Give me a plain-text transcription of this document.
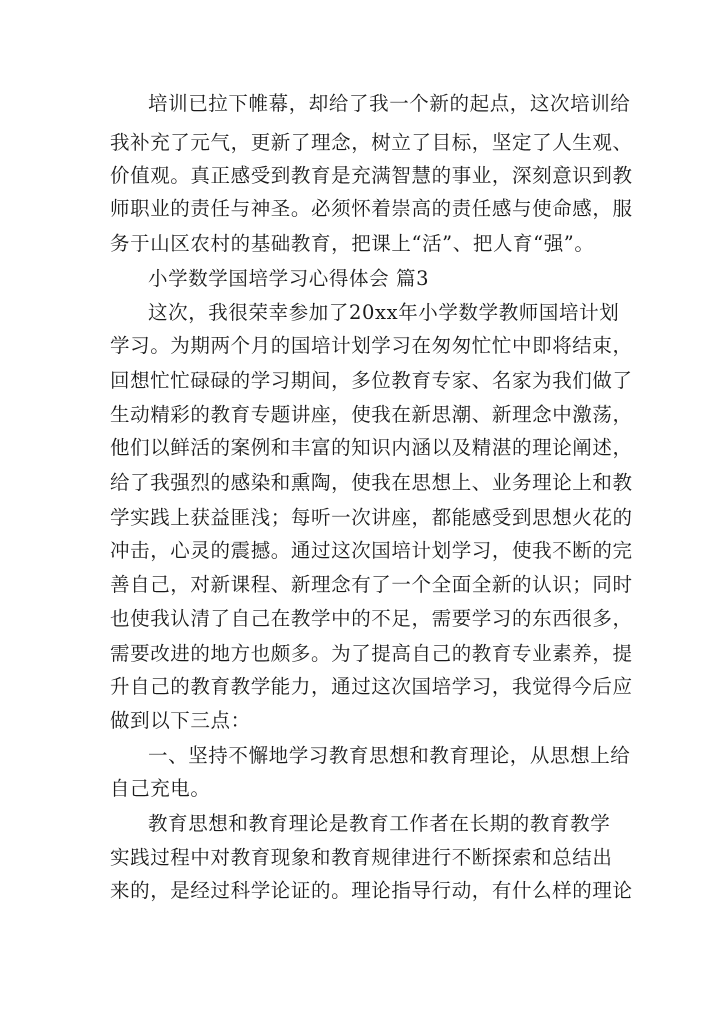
培训已拉下帷幕，却给了我一个新的起点，这次培训给
我补充了元气，更新了理念，树立了目标，坚定了人生观、
价值观。真正感受到教育是充满智慧的事业，深刻意识到教
师职业的责任与神圣。必须怀着崇高的责任感与使命感，服
务于山区农村的基础教育，把课上“活”、把人育“强”。
小学数学国培学习心得体会 篇3
这次，我很荣幸参加了20xx年小学数学教师国培计划
学习。为期两个月的国培计划学习在匆匆忙忙中即将结束，
回想忙忙碌碌的学习期间，多位教育专家、名家为我们做了
生动精彩的教育专题讲座，使我在新思潮、新理念中激荡，
他们以鲜活的案例和丰富的知识内涵以及精湛的理论阐述，
给了我强烈的感染和熏陶，使我在思想上、业务理论上和教
学实践上获益匪浅；每听一次讲座，都能感受到思想火花的
冲击，心灵的震撼。通过这次国培计划学习，使我不断的完
善自己，对新课程、新理念有了一个全面全新的认识；同时
也使我认清了自己在教学中的不足，需要学习的东西很多，
需要改进的地方也颇多。为了提高自己的教育专业素养，提
升自己的教育教学能力，通过这次国培学习，我觉得今后应
做到以下三点：
一、坚持不懈地学习教育思想和教育理论，从思想上给
自己充电。
教育思想和教育理论是教育工作者在长期的教育教学
实践过程中对教育现象和教育规律进行不断探索和总结出
来的，是经过科学论证的。理论指导行动，有什么样的理论
